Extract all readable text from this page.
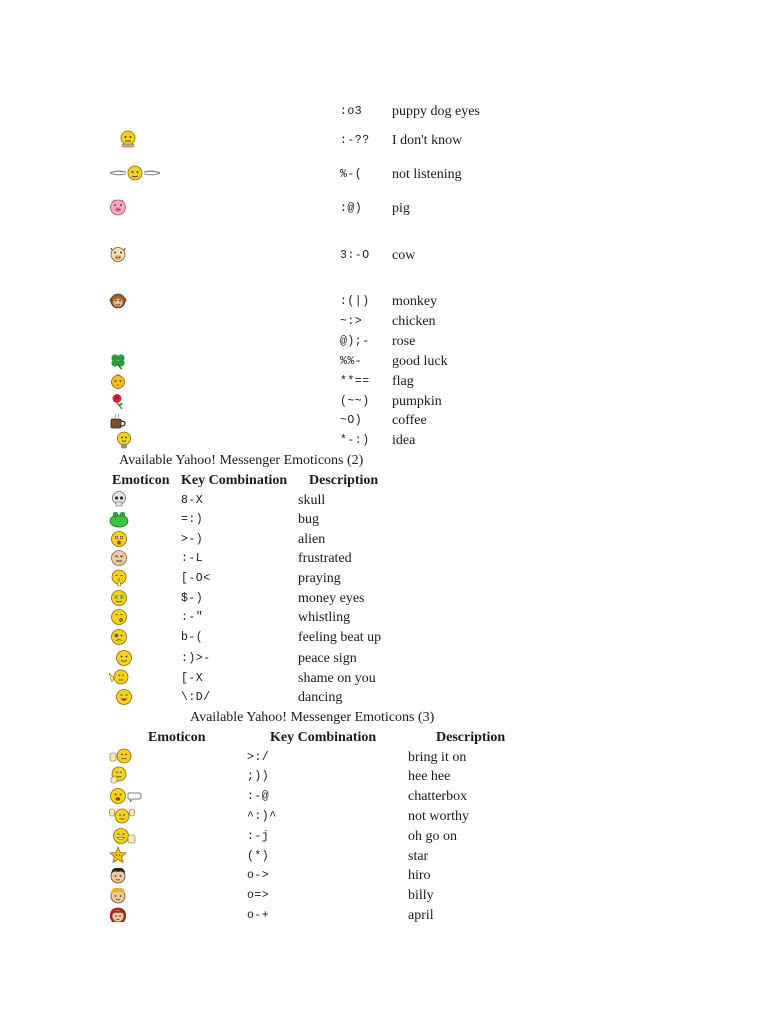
:o3 puppy dog eyes
:-?? I don't know
%-( not listening
:@) pig
3:-O cow
:(|) monkey
~:> chicken
@);- rose
%%- good luck
**== flag
(~~) pumpkin
~O) coffee
*-:) idea
Available Yahoo! Messenger Emoticons (2)
Emoticon Key Combination Description
8-X	skull
=:)	bug
>-)	alien
:-L	frustrated
[-O<	praying
$-)	money eyes
:-"	whistling
b-(	feeling beat up
:)>-	peace sign
[-X	shame on you
\:D/	dancing
Available Yahoo! Messenger Emoticons (3)
Emoticon	Key Combination	Description
>:/	bring it on
;))	hee hee
:-@	chatterbox
^:)^	not worthy
:-j	oh go on
(*)	star
o->	hiro
o=>	billy
o-+	april
